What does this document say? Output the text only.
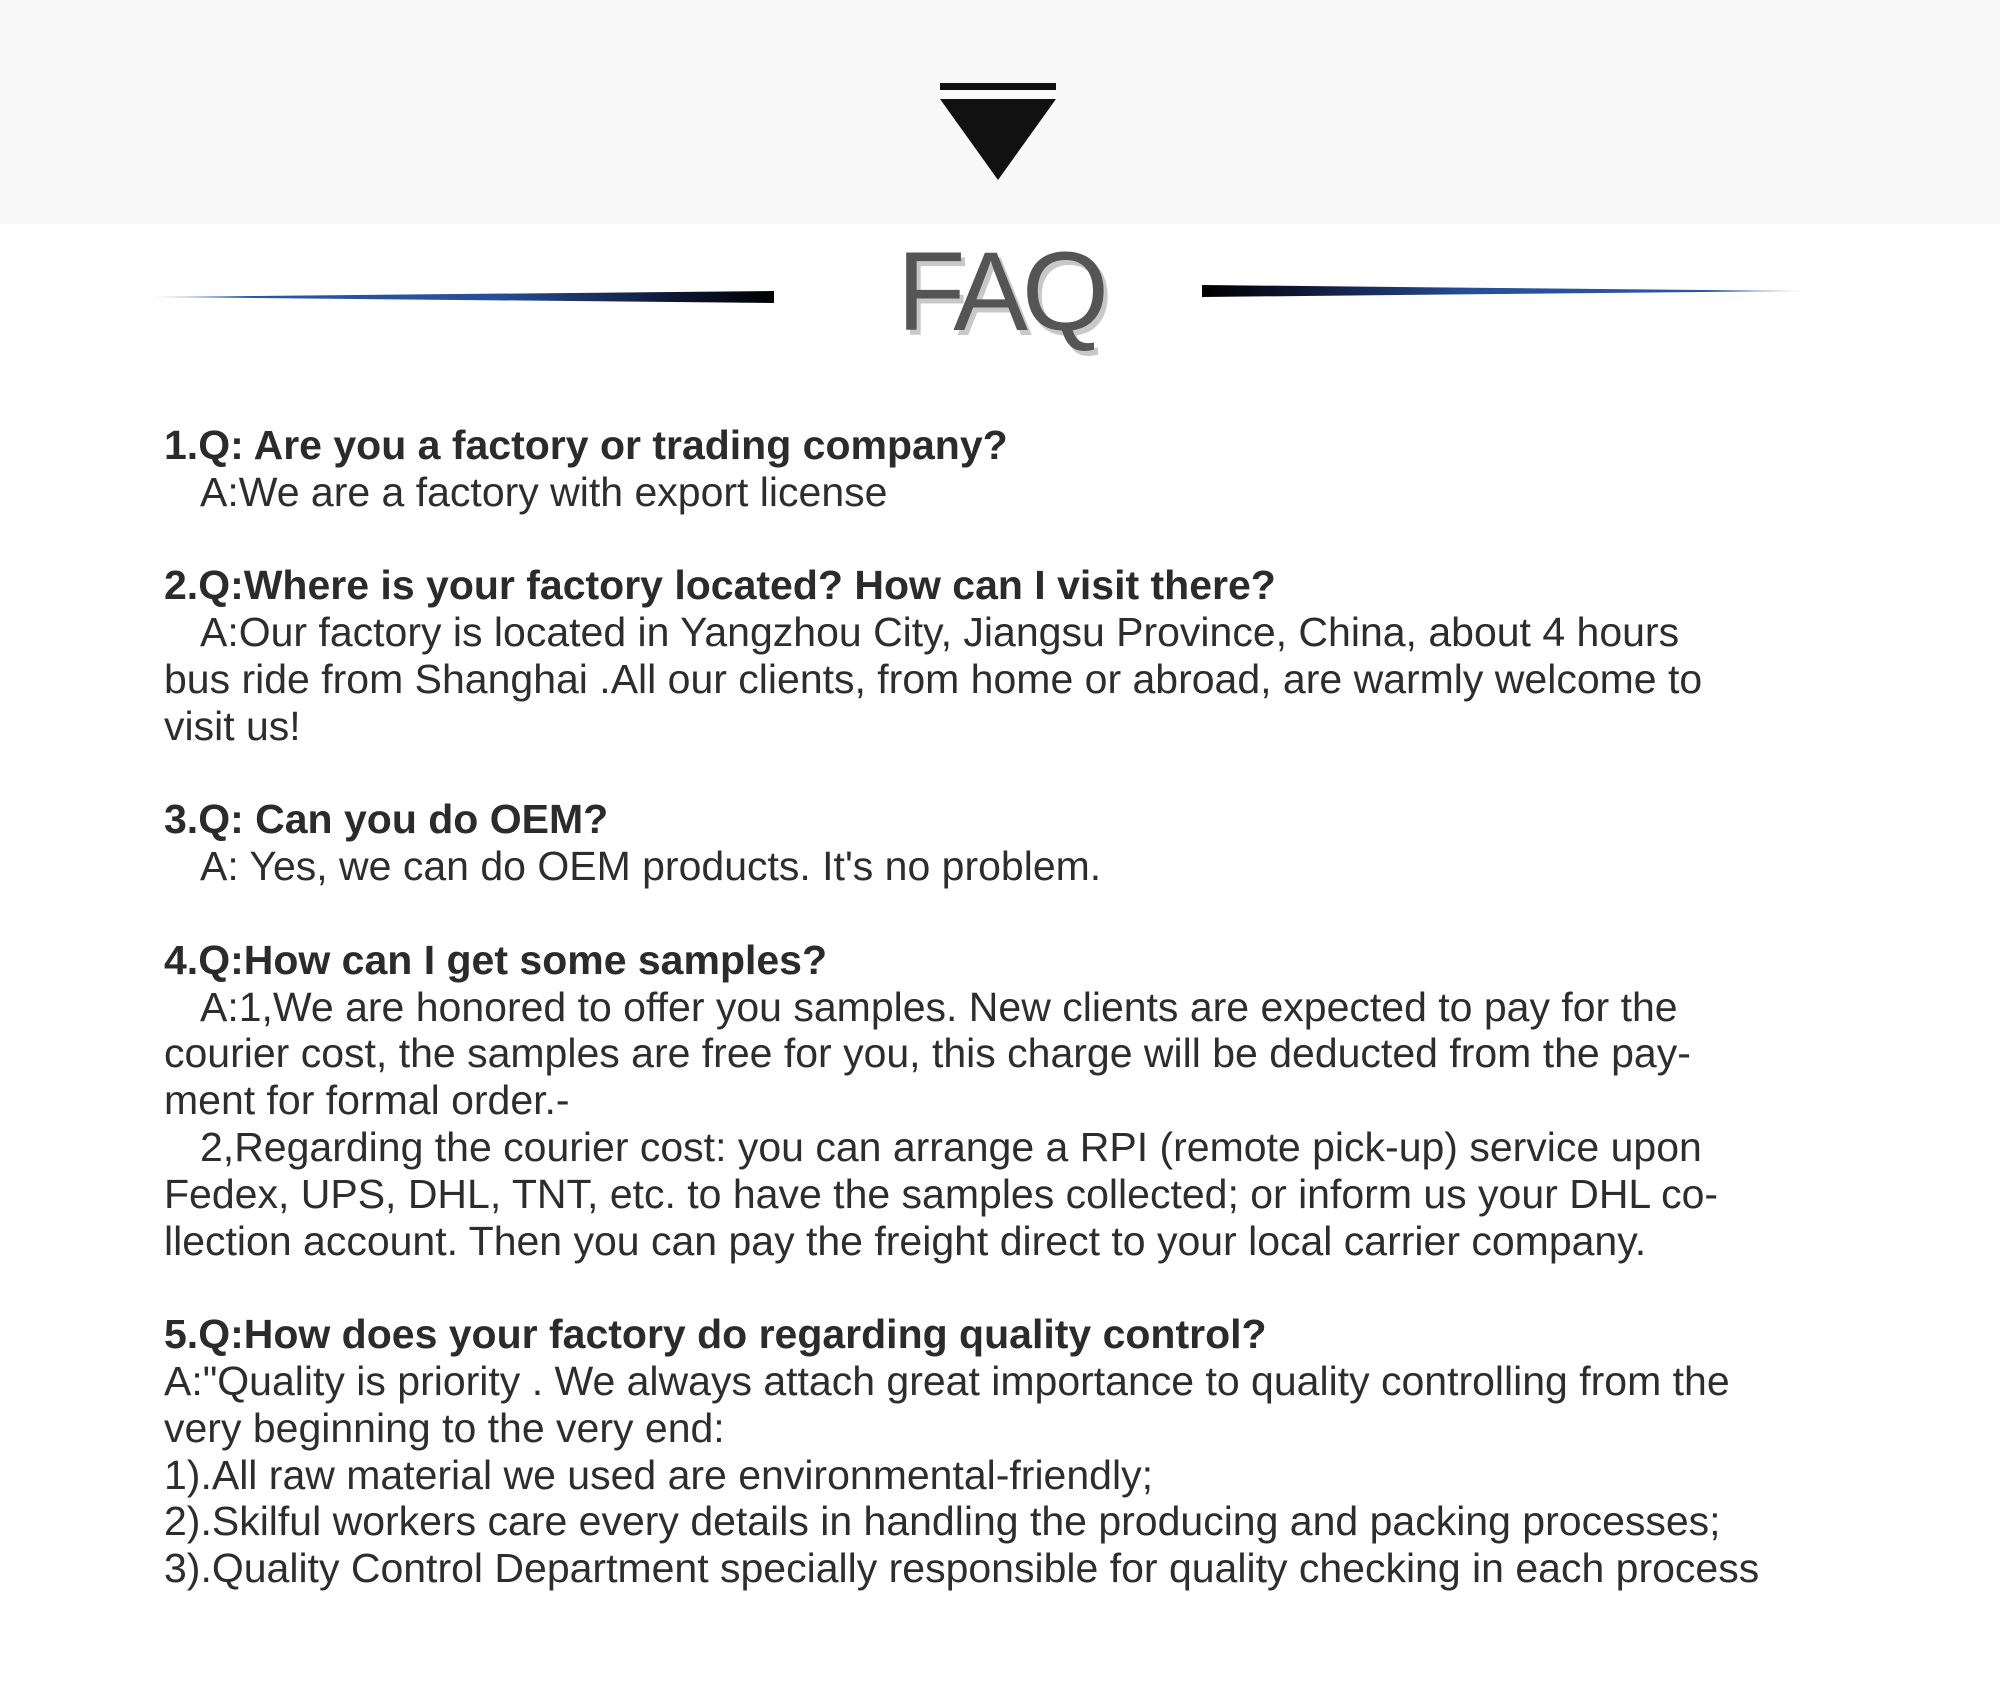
FAQ
1.Q: Are you a factory or trading company?
A:We are a factory with export license
2.Q:Where is your factory located? How can I visit there?
A:Our factory is located in Yangzhou City, Jiangsu Province, China, about 4 hours
bus ride from Shanghai .All our clients, from home or abroad, are warmly welcome to
visit us!
3.Q: Can you do OEM?
A: Yes, we can do OEM products. It's no problem.
4.Q:How can I get some samples?
A:1,We are honored to offer you samples. New clients are expected to pay for the
courier cost, the samples are free for you, this charge will be deducted from the pay-
ment for formal order.-
2,Regarding the courier cost: you can arrange a RPI (remote pick-up) service upon
Fedex, UPS, DHL, TNT, etc. to have the samples collected; or inform us your DHL co-
llection account. Then you can pay the freight direct to your local carrier company.
5.Q:How does your factory do regarding quality control?
A:"Quality is priority . We always attach great importance to quality controlling from the
very beginning to the very end:
1).All raw material we used are environmental-friendly;
2).Skilful workers care every details in handling the producing and packing processes;
3).Quality Control Department specially responsible for quality checking in each process
